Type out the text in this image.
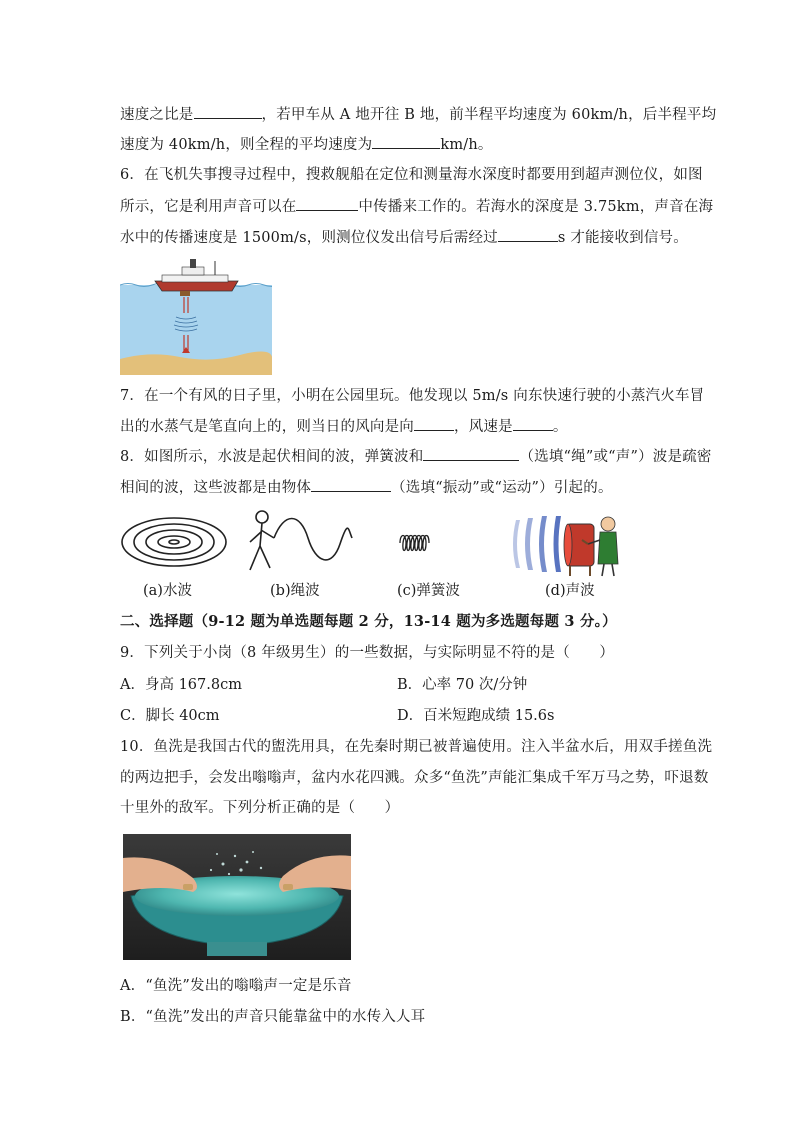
速度之比是	，若甲车从 A 地开往 B 地，前半程平均速度为 60km/h，后半程平均
速度为 40km/h，则全程的平均速度为	km/h。
6．在飞机失事搜寻过程中，搜救舰船在定位和测量海水深度时都要用到超声测位仪，如图
所示，它是利用声音可以在	中传播来工作的。若海水的深度是 3.75km，声音在海
水中的传播速度是 1500m/s，则测位仪发出信号后需经过	s 才能接收到信号。
7．在一个有风的日子里，小明在公园里玩。他发现以 5m/s 向东快速行驶的小蒸汽火车冒
出的水蒸气是笔直向上的，则当日的风向是向	，风速是	。
8．如图所示，水波是起伏相间的波，弹簧波和	（选填“绳”或“声”）波是疏密
相间的波，这些波都是由物体	（选填“振动”或“运动”）引起的。
(a)水波	(b)绳波	(c)弹簧波	(d)声波
二、选择题（9-12 题为单选题每题 2 分，13-14 题为多选题每题 3 分。）
9．下列关于小岗（8 年级男生）的一些数据，与实际明显不符的是（　　）
A．身高 167.8cm	B．心率 70 次/分钟
C．脚长 40cm	D．百米短跑成绩 15.6s
10．鱼洗是我国古代的盥洗用具，在先秦时期已被普遍使用。注入半盆水后，用双手搓鱼洗
的两边把手，会发出嗡嗡声，盆内水花四溅。众多“鱼洗”声能汇集成千军万马之势，吓退数
十里外的敌军。下列分析正确的是（　　）
A．“鱼洗”发出的嗡嗡声一定是乐音
B．“鱼洗”发出的声音只能靠盆中的水传入人耳
